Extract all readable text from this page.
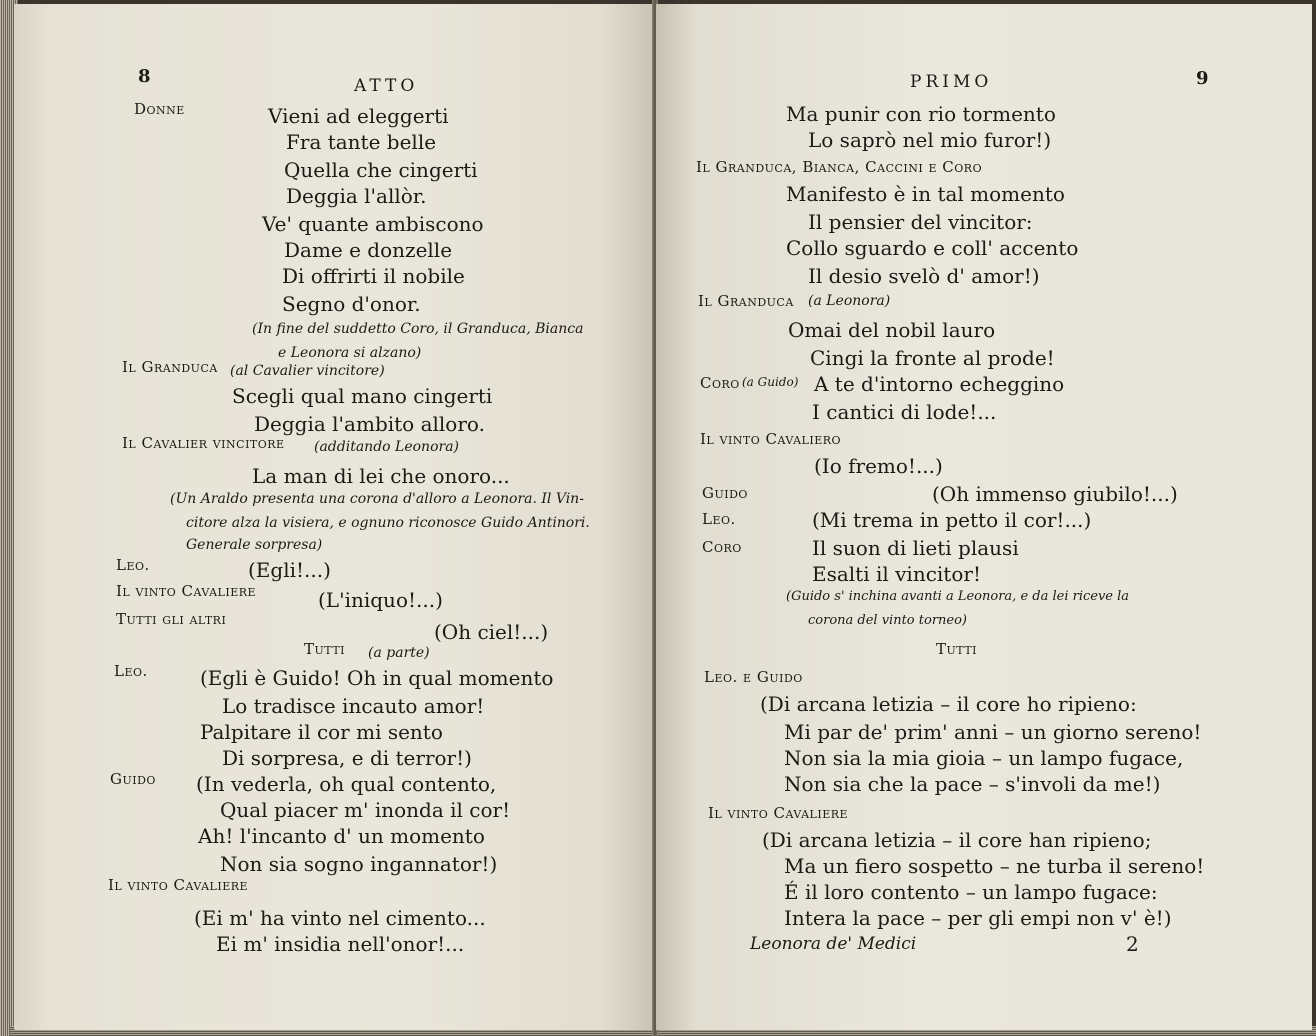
8	ATTO
Donne	Vieni ad eleggerti
Fra tante belle
Quella che cingerti
Deggia l'allòr.
Ve' quante ambiscono
Dame e donzelle
Di offrirti il nobile
Segno d'onor.
(In fine del suddetto Coro, il Granduca, Bianca
e Leonora si alzano)
Il Granduca (al Cavalier vincitore)
Scegli qual mano cingerti
Deggia l'ambito alloro.
Il Cavalier vincitore (additando Leonora)
La man di lei che onoro...
(Un Araldo presenta una corona d'alloro a Leonora. Il Vin-
citore alza la visiera, e ognuno riconosce Guido Antinori.
Generale sorpresa)
Leo.	(Egli!...)
Il vinto Cavaliere	(L'iniquo!...)
Tutti gli altri
(Oh ciel!...)
Tutti (a parte)
Leo.	(Egli è Guido! Oh in qual momento
Lo tradisce incauto amor!
Palpitare il cor mi sento
Di sorpresa, e di terror!)
Guido (In vederla, oh qual contento,
Qual piacer m' inonda il cor!
Ah! l'incanto d' un momento
Non sia sogno ingannator!)
Il vinto Cavaliere
(Ei m' ha vinto nel cimento...
Ei m' insidia nell'onor!...
PRIMO	9
Ma punir con rio tormento
Lo saprò nel mio furor!)
Il Granduca, Bianca, Caccini e Coro
Manifesto è in tal momento
Il pensier del vincitor:
Collo sguardo e coll' accento
Il desio svelò d' amor!)
Il Granduca (a Leonora)
Omai del nobil lauro
Cingi la fronte al prode!
Coro (a Guido) A te d'intorno echeggino
I cantici di lode!...
Il vinto Cavaliero
(Io fremo!...)
Guido	(Oh immenso giubilo!...)
Leo.	(Mi trema in petto il cor!...)
Coro	Il suon di lieti plausi
Esalti il vincitor!
(Guido s' inchina avanti a Leonora, e da lei riceve la
corona del vinto torneo)
Tutti
Leo. e Guido
(Di arcana letizia – il core ho ripieno:
Mi par de' prim' anni – un giorno sereno!
Non sia la mia gioia – un lampo fugace,
Non sia che la pace – s'involi da me!)
Il vinto Cavaliere
(Di arcana letizia – il core han ripieno;
Ma un fiero sospetto – ne turba il sereno!
É il loro contento – un lampo fugace:
Intera la pace – per gli empi non v' è!)
Leonora de' Medici	2
